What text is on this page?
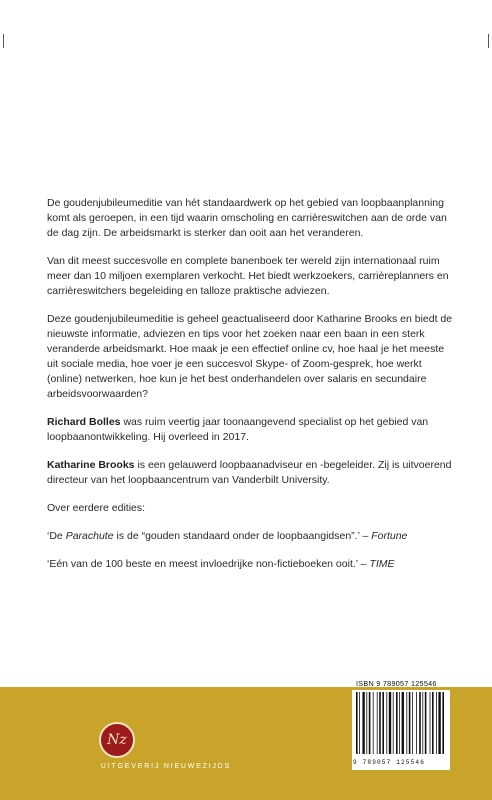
De goudenjubileumeditie van hét standaardwerk op het gebied van loopbaanplanning komt als geroepen, in een tijd waarin omscholing en carrièreswitchen aan de orde van de dag zijn. De arbeidsmarkt is sterker dan ooit aan het veranderen.

Van dit meest succesvolle en complete banenboek ter wereld zijn internationaal ruim meer dan 10 miljoen exemplaren verkocht. Het biedt werkzoekers, carrièreplanners en carrièreswitchers begeleiding en talloze praktische adviezen.

Deze goudenjubileumeditie is geheel geactualiseerd door Katharine Brooks en biedt de nieuwste informatie, adviezen en tips voor het zoeken naar een baan in een sterk veranderde arbeidsmarkt. Hoe maak je een effectief online cv, hoe haal je het meeste uit sociale media, hoe voer je een succesvol Skype- of Zoom-gesprek, hoe werkt (online) netwerken, hoe kun je het best onderhandelen over salaris en secundaire arbeidsvoorwaarden?

Richard Bolles was ruim veertig jaar toonaangevend specialist op het gebied van loopbaanontwikkeling. Hij overleed in 2017.

Katharine Brooks is een gelauwerd loopbaanadviseur en -begeleider. Zij is uitvoerend directeur van het loopbaancentrum van Vanderbilt University.

Over eerdere edities:

‘De Parachute is de “gouden standaard onder de loopbaangidsen”.’ – Fortune

‘Eén van de 100 beste en meest invloedrijke non-fictieboeken ooit.’ – TIME

Nz
UITGEVERIJ NIEUWEZIJDS
ISBN 9 789057 125546
9 789057 125546
